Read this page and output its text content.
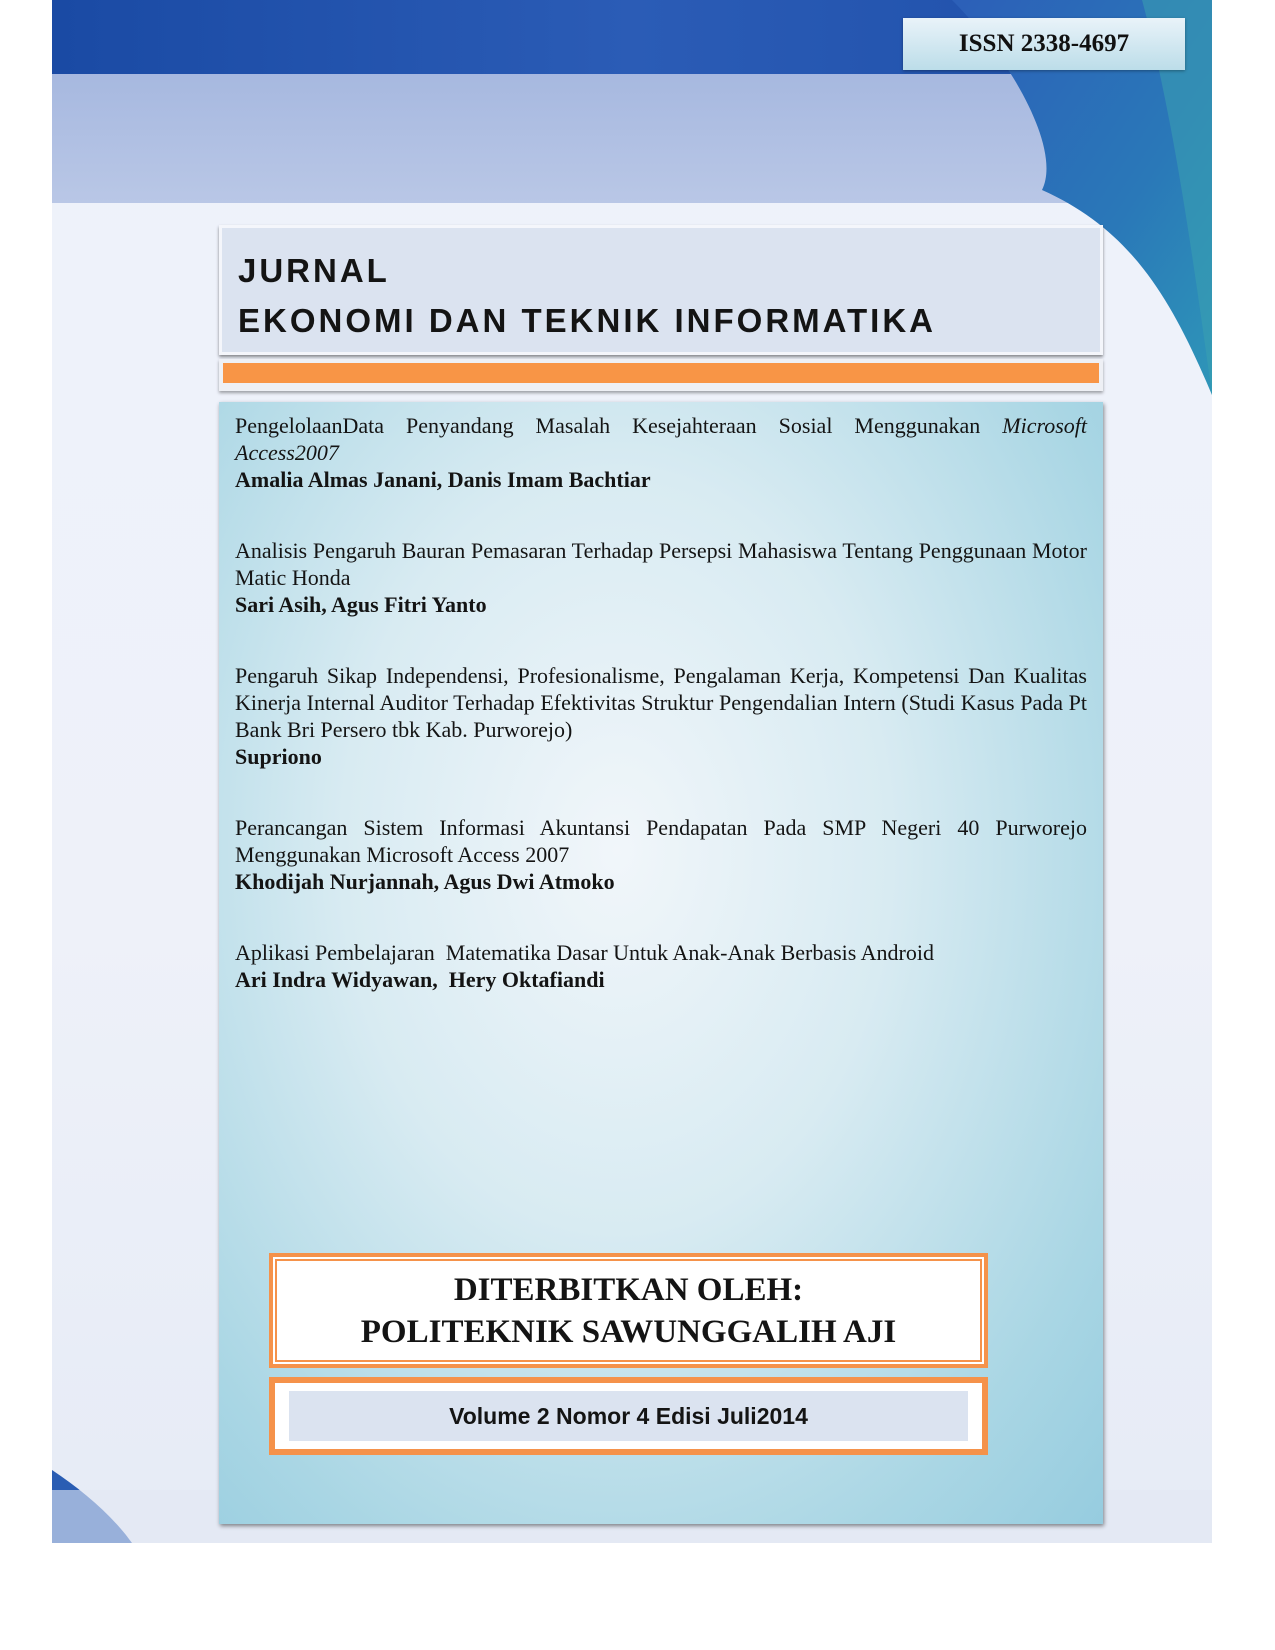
ISSN 2338-4697
JURNAL
EKONOMI DAN TEKNIK INFORMATIKA
PengelolaanData Penyandang Masalah Kesejahteraan Sosial Menggunakan Microsoft Access2007
Amalia Almas Janani, Danis Imam Bachtiar
Analisis Pengaruh Bauran Pemasaran Terhadap Persepsi Mahasiswa Tentang Penggunaan Motor Matic Honda
Sari Asih, Agus Fitri Yanto
Pengaruh Sikap Independensi, Profesionalisme, Pengalaman Kerja, Kompetensi Dan Kualitas Kinerja Internal Auditor Terhadap Efektivitas Struktur Pengendalian Intern (Studi Kasus Pada Pt Bank Bri Persero tbk Kab. Purworejo)
Supriono
Perancangan Sistem Informasi Akuntansi Pendapatan Pada SMP Negeri 40 Purworejo Menggunakan Microsoft Access 2007
Khodijah Nurjannah, Agus Dwi Atmoko
Aplikasi Pembelajaran  Matematika Dasar Untuk Anak-Anak Berbasis Android
Ari Indra Widyawan,  Hery Oktafiandi
DITERBITKAN OLEH:
POLITEKNIK SAWUNGGALIH AJI
Volume 2 Nomor 4 Edisi Juli2014
